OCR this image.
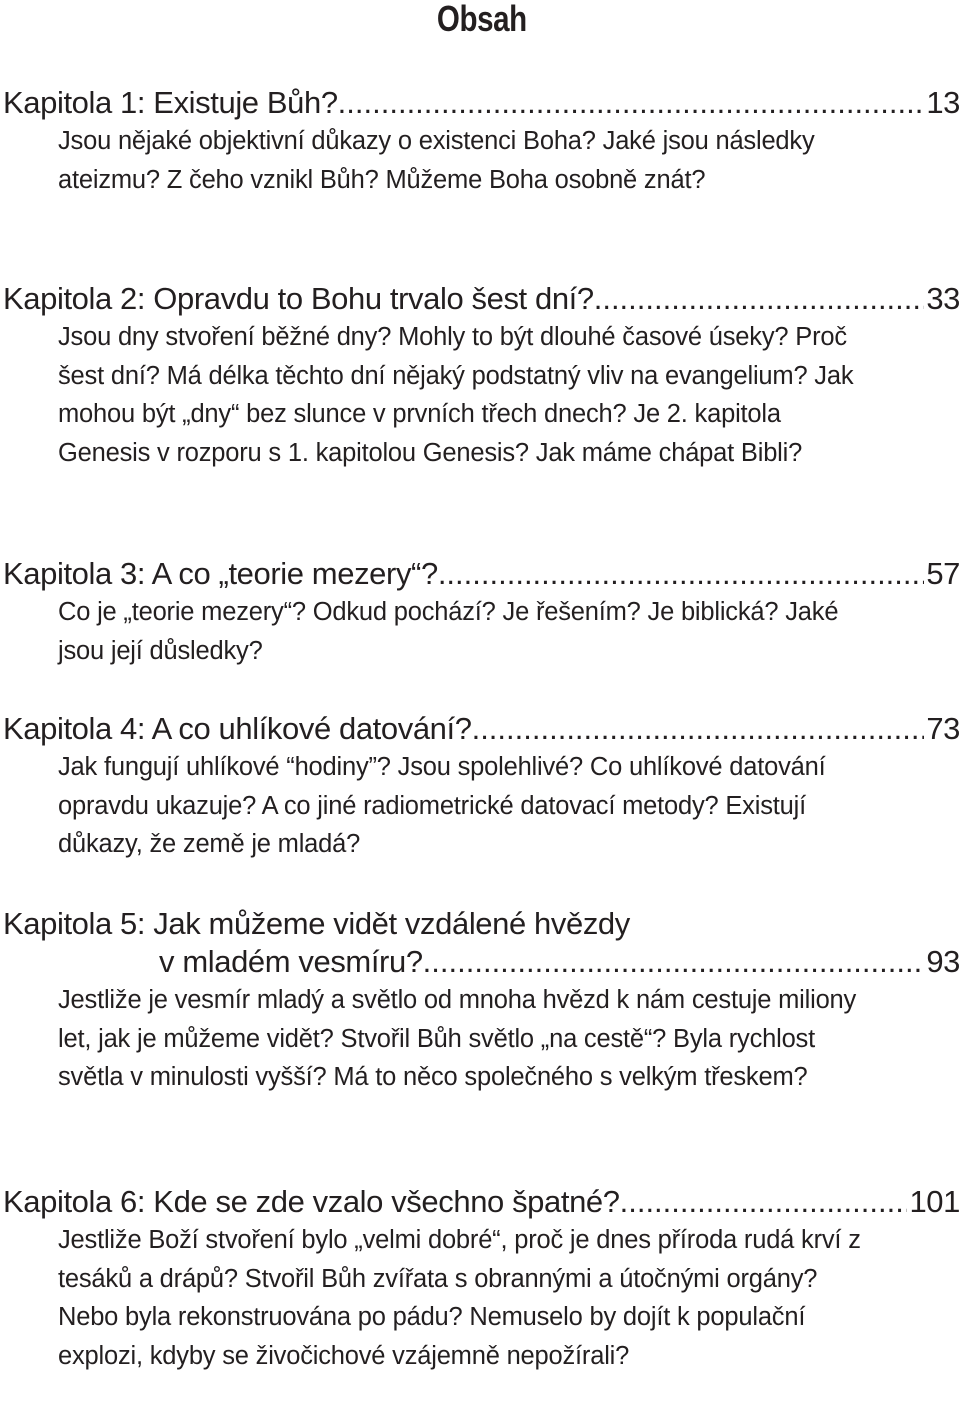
Obsah
Kapitola 1: Existuje Bůh? .....	13

Jsou nějaké objektivní důkazy o existenci Boha? Jaké jsou následky ateizmu? Z čeho vznikl Bůh? Můžeme Boha osobně znát?

Kapitola 2: Opravdu to Bohu trvalo šest dní? .....	33

Jsou dny stvoření běžné dny? Mohly to být dlouhé časové úseky? Proč šest dní? Má délka těchto dní nějaký podstatný vliv na evangelium? Jak mohou být „dny“ bez slunce v prvních třech dnech? Je 2. kapitola Genesis v rozporu s 1. kapitolou Genesis? Jak máme chápat Bibli?

Kapitola 3: A co „teorie mezery“? .....	57

Co je „teorie mezery“? Odkud pochází? Je řešením? Je biblická? Jaké jsou její důsledky?

Kapitola 4: A co uhlíkové datování? .....	73

Jak fungují uhlíkové “hodiny”? Jsou spolehlivé? Co uhlíkové datování opravdu ukazuje? A co jiné radiometrické datovací metody? Existují důkazy, že země je mladá?

Kapitola 5: Jak můžeme vidět vzdálené hvězdy
v mladém vesmíru? .....	93

Jestliže je vesmír mladý a světlo od mnoha hvězd k nám cestuje miliony let, jak je můžeme vidět? Stvořil Bůh světlo „na cestě“? Byla rychlost světla v minulosti vyšší? Má to něco společného s velkým třeskem?

Kapitola 6: Kde se zde vzalo všechno špatné? .....	101

Jestliže Boží stvoření bylo „velmi dobré“, proč je dnes příroda rudá krví z tesáků a drápů? Stvořil Bůh zvířata s obrannými a útočnými orgány? Nebo byla rekonstruována po pádu? Nemuselo by dojít k populační explozi, kdyby se živočichové vzájemně nepožírali?
